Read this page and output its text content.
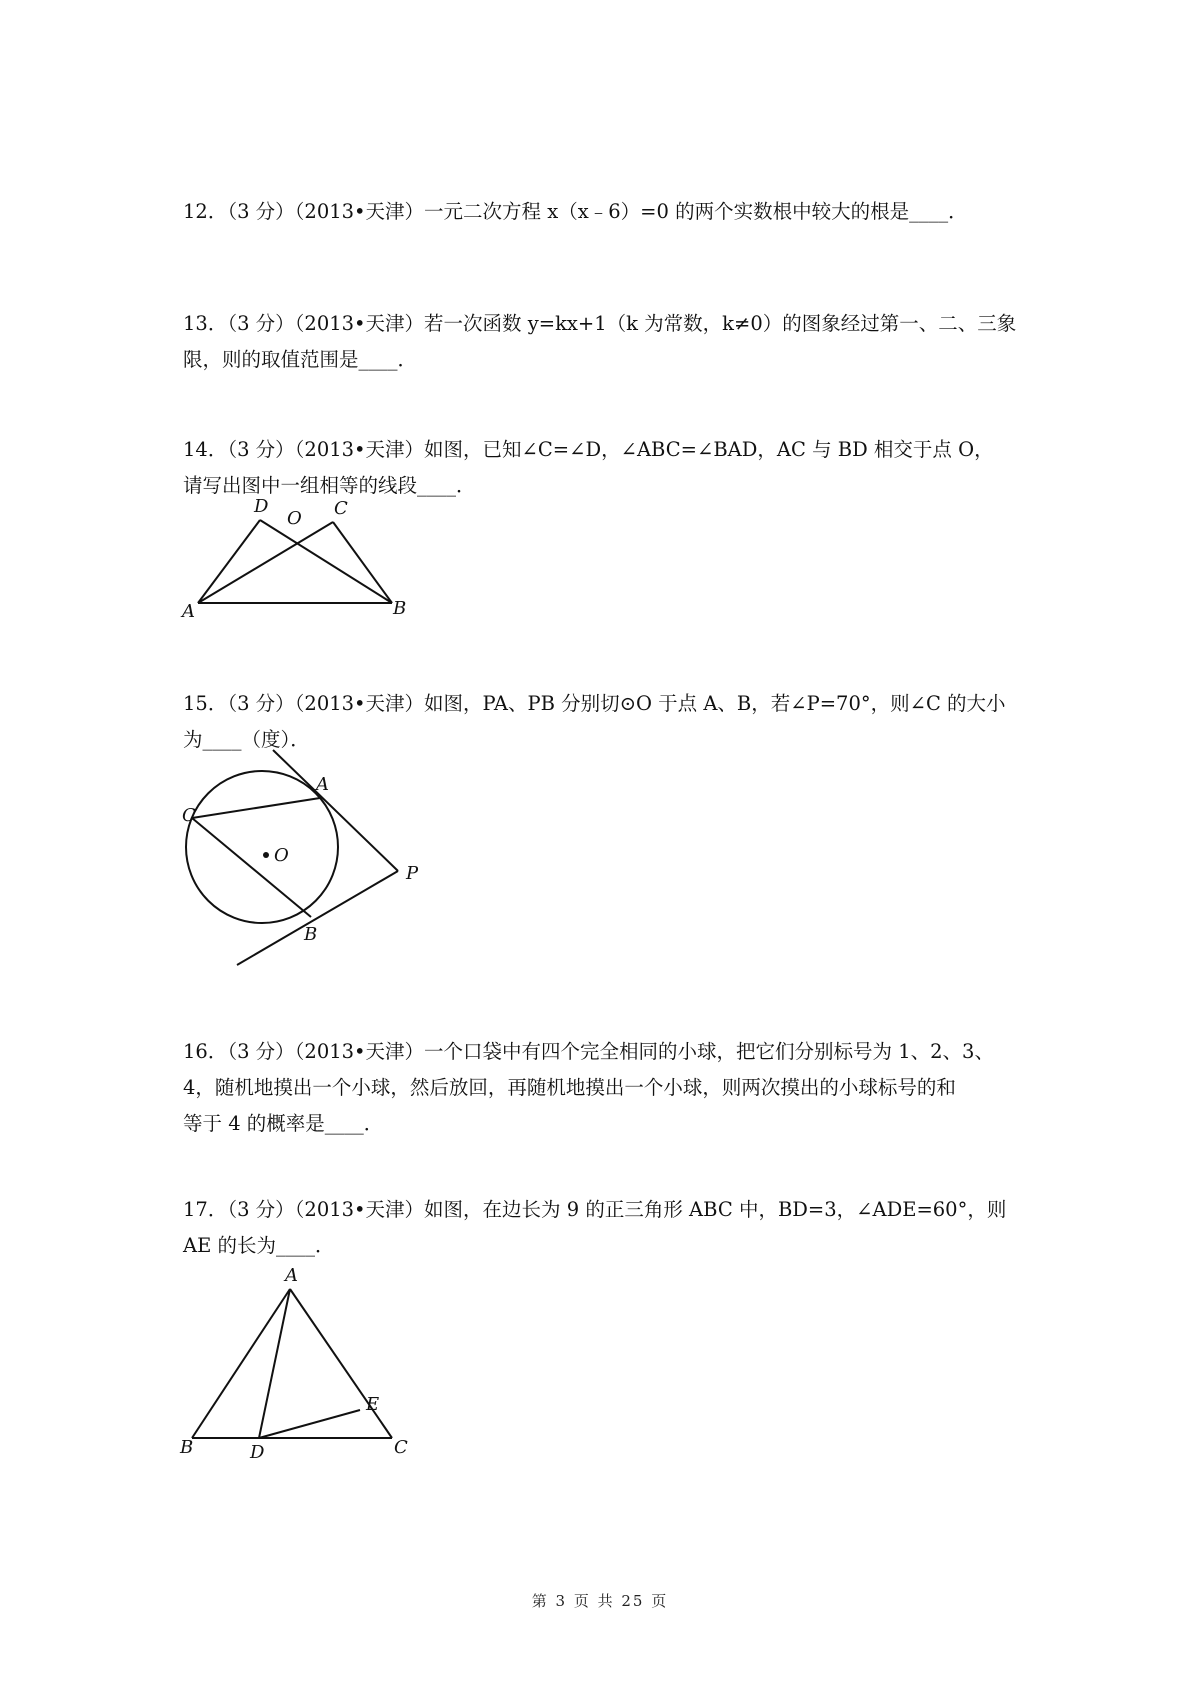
12．（3 分）（2013•天津）一元二次方程 x（x﹣6）=0 的两个实数根中较大的根是____．
13．（3 分）（2013•天津）若一次函数 y=kx+1（k 为常数，k≠0）的图象经过第一、二、三象
限，则的取值范围是____．
14．（3 分）（2013•天津）如图，已知∠C=∠D，∠ABC=∠BAD，AC 与 BD 相交于点 O，
请写出图中一组相等的线段____．
D
O C
A	B
15．（3 分）（2013•天津）如图，PA、PB 分别切⊙O 于点 A、B，若∠P=70°，则∠C 的大小
为____（度）．
A
C
O
P
B
16．（3 分）（2013•天津）一个口袋中有四个完全相同的小球，把它们分别标号为 1、2、3、
4，随机地摸出一个小球，然后放回，再随机地摸出一个小球，则两次摸出的小球标号的和
等于 4 的概率是____．
17．（3 分）（2013•天津）如图，在边长为 9 的正三角形 ABC 中，BD=3，∠ADE=60°，则
AE 的长为____．
A
E
B	D	C
第 3 页 共 25 页
